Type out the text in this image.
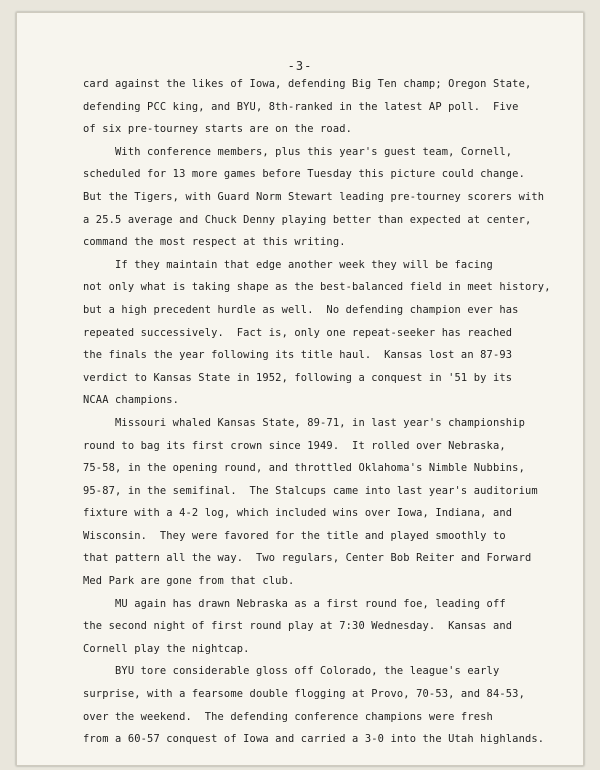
-3-
card against the likes of Iowa, defending Big Ten champ; Oregon State,
defending PCC king, and BYU, 8th-ranked in the latest AP poll.  Five
of six pre-tourney starts are on the road.
With conference members, plus this year's guest team, Cornell,
scheduled for 13 more games before Tuesday this picture could change.
But the Tigers, with Guard Norm Stewart leading pre-tourney scorers with
a 25.5 average and Chuck Denny playing better than expected at center,
command the most respect at this writing.
If they maintain that edge another week they will be facing
not only what is taking shape as the best-balanced field in meet history,
but a high precedent hurdle as well.  No defending champion ever has
repeated successively.  Fact is, only one repeat-seeker has reached
the finals the year following its title haul.  Kansas lost an 87-93
verdict to Kansas State in 1952, following a conquest in '51 by its
NCAA champions.
Missouri whaled Kansas State, 89-71, in last year's championship
round to bag its first crown since 1949.  It rolled over Nebraska,
75-58, in the opening round, and throttled Oklahoma's Nimble Nubbins,
95-87, in the semifinal.  The Stalcups came into last year's auditorium
fixture with a 4-2 log, which included wins over Iowa, Indiana, and
Wisconsin.  They were favored for the title and played smoothly to
that pattern all the way.  Two regulars, Center Bob Reiter and Forward
Med Park are gone from that club.
MU again has drawn Nebraska as a first round foe, leading off
the second night of first round play at 7:30 Wednesday.  Kansas and
Cornell play the nightcap.
BYU tore considerable gloss off Colorado, the league's early
surprise, with a fearsome double flogging at Provo, 70-53, and 84-53,
over the weekend.  The defending conference champions were fresh
from a 60-57 conquest of Iowa and carried a 3-0 into the Utah highlands.
